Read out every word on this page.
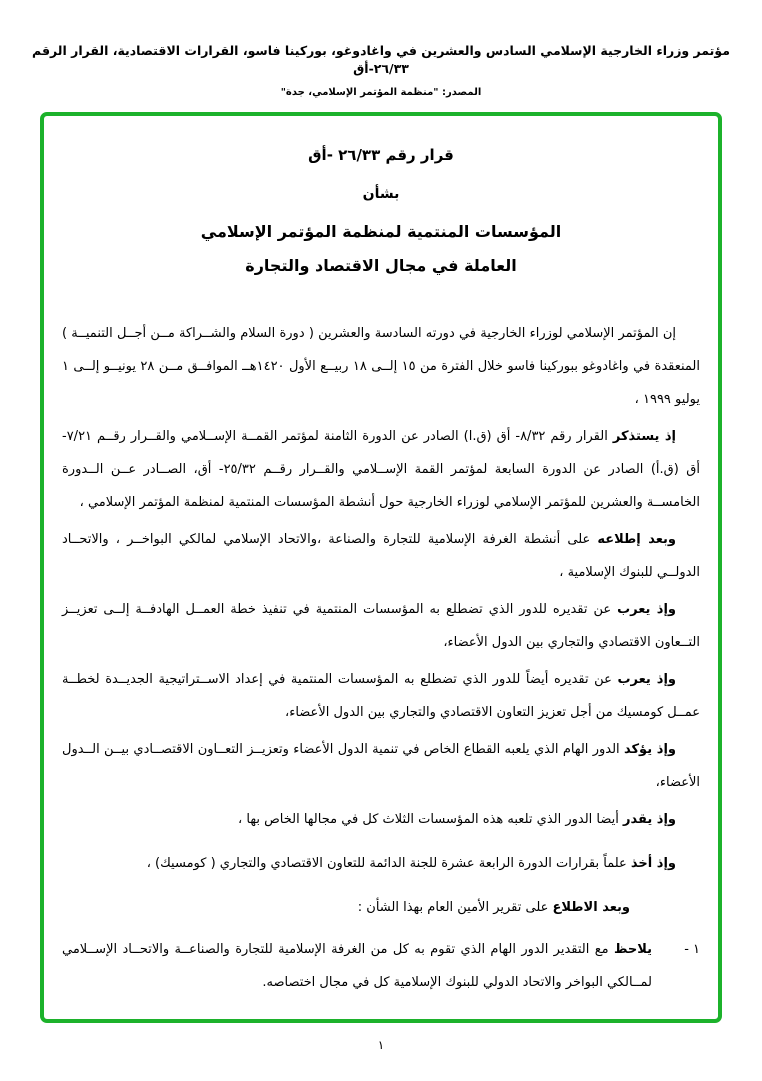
مؤتمر وزراء الخارجية الإسلامي السادس والعشرين في واغادوغو، بوركينا فاسو، القرارات الاقتصادية، القرار الرقم ٢٦/٣٣-أق
المصدر: "منظمة المؤتمر الإسلامي، جدة"
قرار رقم ٢٦/٣٣ -أق
بشأن
المؤسسات المنتمية لمنظمة المؤتمر الإسلامي
العاملة في مجال الاقتصاد والتجارة

إن المؤتمر الإسلامي لوزراء الخارجية في دورته السادسة والعشرين ( دورة السلام والشــراكة مــن أجــل التنميــة ) المنعقدة في واغادوغو ببوركينا فاسو خلال الفترة من ١٥ إلــى ١٨ ربيــع الأول ١٤٢٠هــ الموافــق مــن ٢٨ يونيــو إلــى ١ يوليو ١٩٩٩ ،

إذ يستذكر القرار رقم ٨/٣٢- أق (ق.ا) الصادر عن الدورة الثامنة لمؤتمر القمــة الإســلامي والقــرار رقــم ٧/٢١- أق (ق.أ) الصادر عن الدورة السابعة لمؤتمر القمة الإســلامي والقــرار رقــم ٢٥/٣٢- أق، الصــادر عــن الــدورة الخامســة والعشرين للمؤتمر الإسلامي لوزراء الخارجية حول أنشطة المؤسسات المنتمية لمنظمة المؤتمر الإسلامي ،

وبعد إطلاعه على أنشطة الغرفة الإسلامية للتجارة والصناعة ،والاتحاد الإسلامي لمالكي البواخــر ، والاتحــاد الدولــي للبنوك الإسلامية ،

وإذ يعرب عن تقديره للدور الذي تضطلع به المؤسسات المنتمية في تنفيذ خطة العمــل الهادفــة إلــى تعزيــز التــعاون الاقتصادي والتجاري بين الدول الأعضاء،

وإذ يعرب عن تقديره أيضاً للدور الذي تضطلع به المؤسسات المنتمية في إعداد الاســتراتيجية الجديــدة لخطــة عمــل كومسيك من أجل تعزيز التعاون الاقتصادي والتجاري بين الدول الأعضاء،

وإذ يؤكد الدور الهام الذي يلعبه القطاع الخاص في تنمية الدول الأعضاء وتعزيــز التعــاون الاقتصــادي بيــن الــدول الأعضاء،

وإذ يقدر أيضا الدور الذي تلعبه هذه المؤسسات الثلاث كل في مجالها الخاص بها ،

وإذ أخذ علماً بقرارات الدورة الرابعة عشرة للجنة الدائمة للتعاون الاقتصادي والتجاري ( كومسيك) ،

وبعد الاطلاع على تقرير الأمين العام بهذا الشأن :

١ -

يلاحظ مع التقدير الدور الهام الذي تقوم به كل من الغرفة الإسلامية للتجارة والصناعــة والاتحــاد الإســلامي لمــالكي البواخر والاتحاد الدولي للبنوك الإسلامية كل في مجال اختصاصه.

١
